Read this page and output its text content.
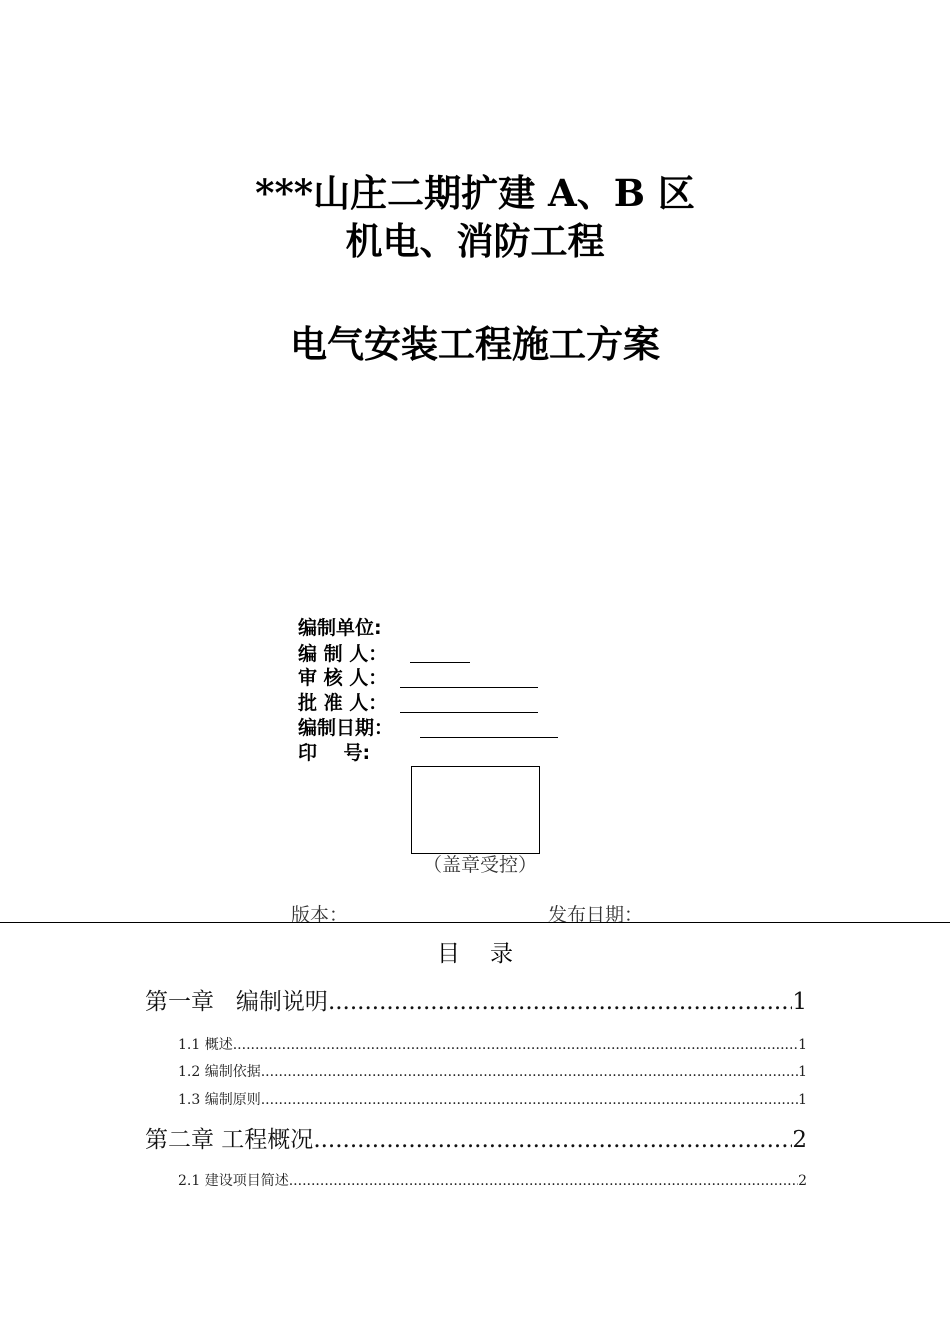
***山庄二期扩建 A、B 区
机电、消防工程
电气安装工程施工方案
编制单位:
编 制 人：
审 核 人：
批 准 人：
编制日期：
印    号:
（盖章受控）
版本：	发布日期：
目录
第一章   编制说明 .....	1
1.1 概述 .....	1
1.2 编制依据 .....	1
1.3 编制原则 .....	1
第二章 工程概况 .....	2
2.1 建设项目简述 .....	2
